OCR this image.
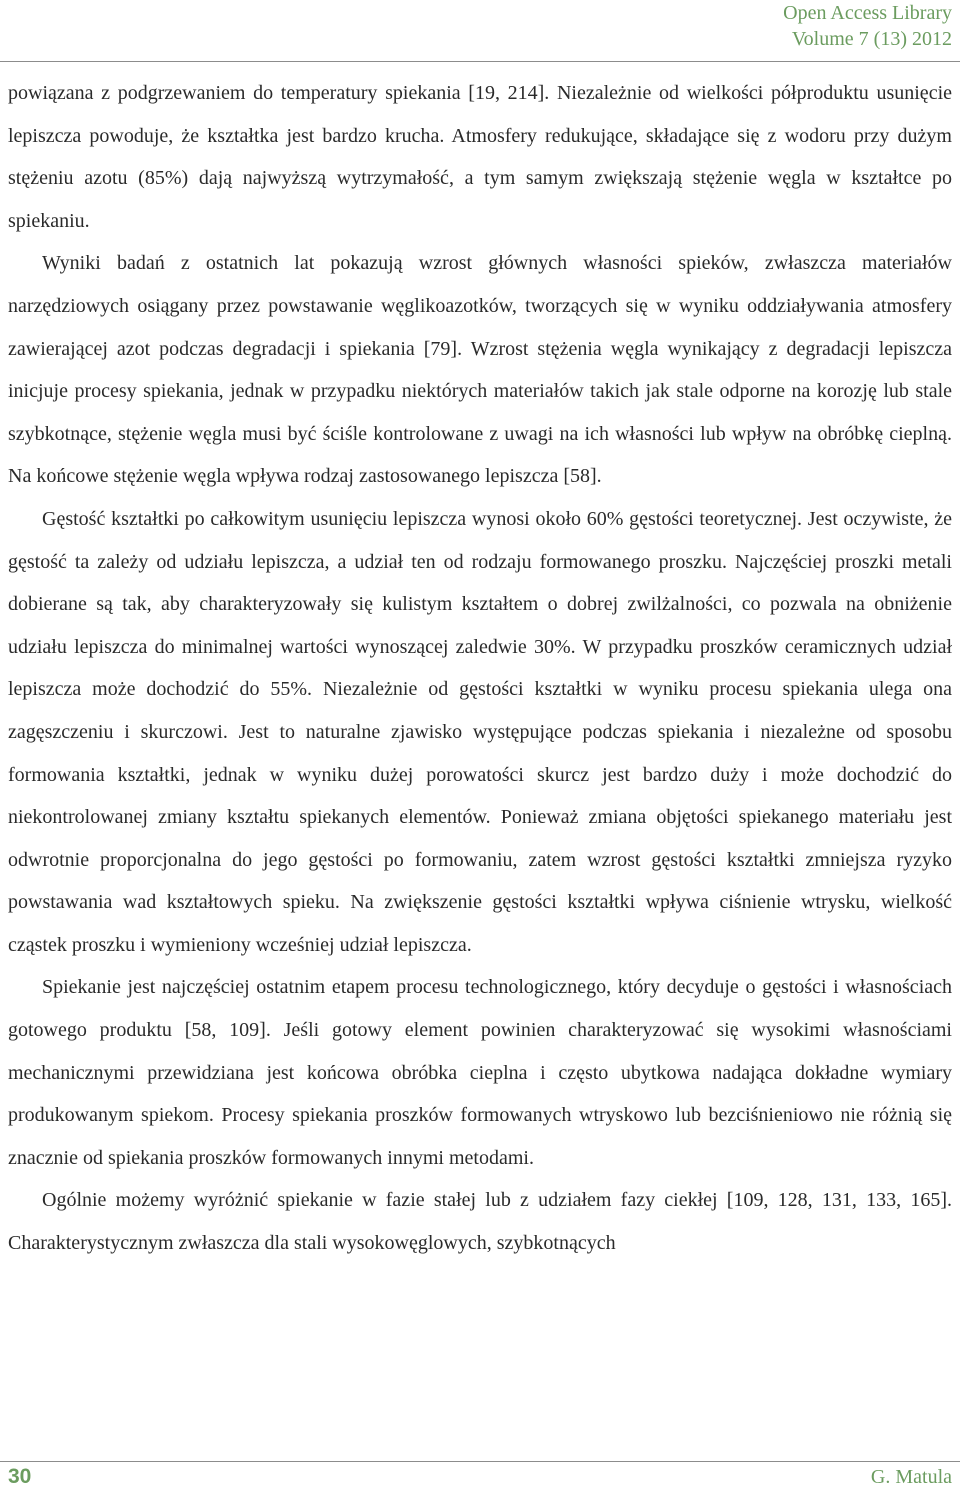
Open Access Library
Volume 7 (13) 2012

powiązana z podgrzewaniem do temperatury spiekania [19, 214]. Niezależnie od wielkości półproduktu usunięcie lepiszcza powoduje, że kształtka jest bardzo krucha. Atmosfery redukujące, składające się z wodoru przy dużym stężeniu azotu (85%) dają najwyższą wytrzymałość, a tym samym zwiększają stężenie węgla w kształtce po spiekaniu.

Wyniki badań z ostatnich lat pokazują wzrost głównych własności spieków, zwłaszcza materiałów narzędziowych osiągany przez powstawanie węglikoazotków, tworzących się w wyniku oddziaływania atmosfery zawierającej azot podczas degradacji i spiekania [79]. Wzrost stężenia węgla wynikający z degradacji lepiszcza inicjuje procesy spiekania, jednak w przypadku niektórych materiałów takich jak stale odporne na korozję lub stale szybkotnące, stężenie węgla musi być ściśle kontrolowane z uwagi na ich własności lub wpływ na obróbkę cieplną. Na końcowe stężenie węgla wpływa rodzaj zastosowanego lepiszcza [58].

Gęstość kształtki po całkowitym usunięciu lepiszcza wynosi około 60% gęstości teoretycznej. Jest oczywiste, że gęstość ta zależy od udziału lepiszcza, a udział ten od rodzaju formowanego proszku. Najczęściej proszki metali dobierane są tak, aby charakteryzowały się kulistym kształtem o dobrej zwilżalności, co pozwala na obniżenie udziału lepiszcza do minimalnej wartości wynoszącej zaledwie 30%. W przypadku proszków ceramicznych udział lepiszcza może dochodzić do 55%. Niezależnie od gęstości kształtki w wyniku procesu spiekania ulega ona zagęszczeniu i skurczowi. Jest to naturalne zjawisko występujące podczas spiekania i niezależne od sposobu formowania kształtki, jednak w wyniku dużej porowatości skurcz jest bardzo duży i może dochodzić do niekontrolowanej zmiany kształtu spiekanych elementów. Ponieważ zmiana objętości spiekanego materiału jest odwrotnie proporcjonalna do jego gęstości po formowaniu, zatem wzrost gęstości kształtki zmniejsza ryzyko powstawania wad kształtowych spieku. Na zwiększenie gęstości kształtki wpływa ciśnienie wtrysku, wielkość cząstek proszku i wymieniony wcześniej udział lepiszcza.

Spiekanie jest najczęściej ostatnim etapem procesu technologicznego, który decyduje o gęstości i własnościach gotowego produktu [58, 109]. Jeśli gotowy element powinien charakteryzować się wysokimi własnościami mechanicznymi przewidziana jest końcowa obróbka cieplna i często ubytkowa nadająca dokładne wymiary produkowanym spiekom. Procesy spiekania proszków formowanych wtryskowo lub bezciśnieniowo nie różnią się znacznie od spiekania proszków formowanych innymi metodami.

Ogólnie możemy wyróżnić spiekanie w fazie stałej lub z udziałem fazy ciekłej [109, 128, 131, 133, 165]. Charakterystycznym zwłaszcza dla stali wysokowęglowych, szybkotnących

30	G. Matula
